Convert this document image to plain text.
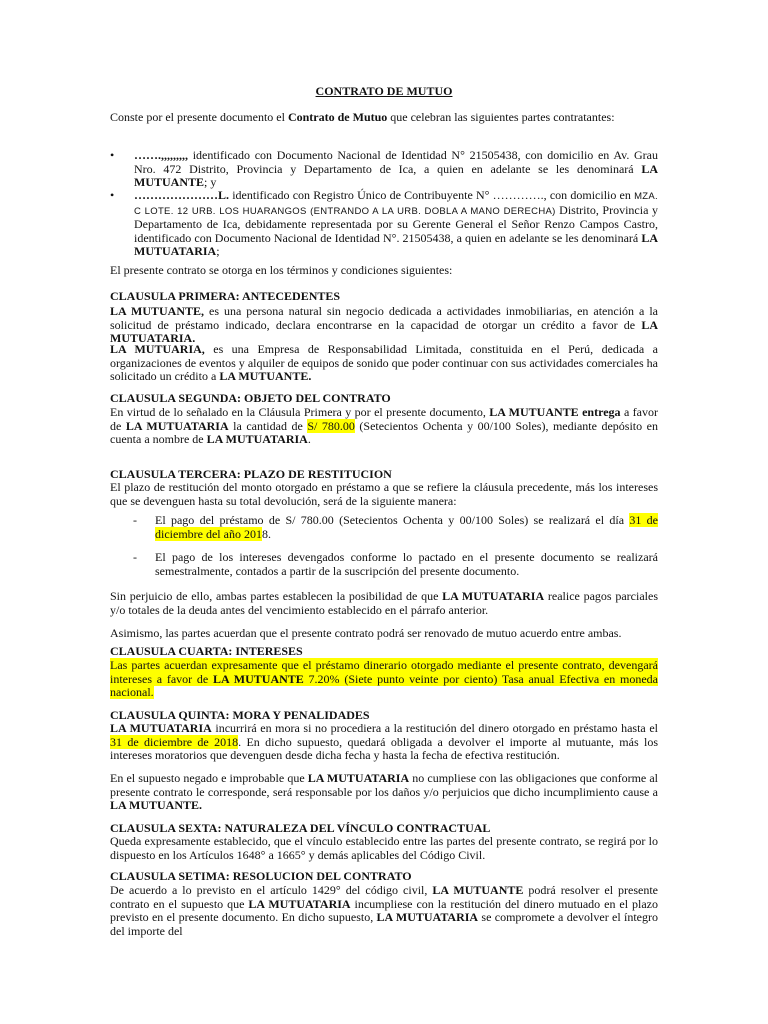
CONTRATO DE MUTUO

Conste por el presente documento el Contrato de Mutuo que celebran las siguientes partes contratantes:

• …….,,,,,,,,, identificado con Documento Nacional de Identidad N° 21505438, con domicilio en Av. Grau Nro. 472 Distrito, Provincia y Departamento de Ica, a quien en adelante se les denominará LA MUTUANTE; y

• …………………L. identificado con Registro Único de Contribuyente N° …………., con domicilio en MZA. C LOTE. 12 URB. LOS HUARANGOS (ENTRANDO A LA URB. DOBLA A MANO DERECHA) Distrito, Provincia y Departamento de Ica, debidamente representada por su Gerente General el Señor Renzo Campos Castro, identificado con Documento Nacional de Identidad N°. 21505438, a quien en adelante se les denominará LA MUTUATARIA;

El presente contrato se otorga en los términos y condiciones siguientes:

CLAUSULA PRIMERA: ANTECEDENTES

LA MUTUANTE, es una persona natural sin negocio dedicada a actividades inmobiliarias, en atención a la solicitud de préstamo indicado, declara encontrarse en la capacidad de otorgar un crédito a favor de LA MUTUATARIA.

LA MUTUARIA, es una Empresa de Responsabilidad Limitada, constituida en el Perú, dedicada a organizaciones de eventos y alquiler de equipos de sonido que poder continuar con sus actividades comerciales ha solicitado un crédito a LA MUTUANTE.

CLAUSULA SEGUNDA: OBJETO DEL CONTRATO

En virtud de lo señalado en la Cláusula Primera y por el presente documento, LA MUTUANTE entrega a favor de LA MUTUATARIA la cantidad de S/ 780.00 (Setecientos Ochenta y 00/100 Soles), mediante depósito en cuenta a nombre de LA MUTUATARIA.

CLAUSULA TERCERA: PLAZO DE RESTITUCION

El plazo de restitución del monto otorgado en préstamo a que se refiere la cláusula precedente, más los intereses que se devenguen hasta su total devolución, será de la siguiente manera:

- El pago del préstamo de S/ 780.00 (Setecientos Ochenta y 00/100 Soles) se realizará el día 31 de diciembre del año 2018.

- El pago de los intereses devengados conforme lo pactado en el presente documento se realizará semestralmente, contados a partir de la suscripción del presente documento.

Sin perjuicio de ello, ambas partes establecen la posibilidad de que LA MUTUATARIA realice pagos parciales y/o totales de la deuda antes del vencimiento establecido en el párrafo anterior.

Asimismo, las partes acuerdan que el presente contrato podrá ser renovado de mutuo acuerdo entre ambas.

CLAUSULA CUARTA: INTERESES

Las partes acuerdan expresamente que el préstamo dinerario otorgado mediante el presente contrato, devengará intereses a favor de LA MUTUANTE 7.20% (Siete punto veinte por ciento) Tasa anual Efectiva en moneda nacional.

CLAUSULA QUINTA: MORA Y PENALIDADES

LA MUTUATARIA incurrirá en mora si no procediera a la restitución del dinero otorgado en préstamo hasta el 31 de diciembre de 2018. En dicho supuesto, quedará obligada a devolver el importe al mutuante, más los intereses moratorios que devenguen desde dicha fecha y hasta la fecha de efectiva restitución.

En el supuesto negado e improbable que LA MUTUATARIA no cumpliese con las obligaciones que conforme al presente contrato le corresponde, será responsable por los daños y/o perjuicios que dicho incumplimiento cause a LA MUTUANTE.

CLAUSULA SEXTA: NATURALEZA DEL VÍNCULO CONTRACTUAL

Queda expresamente establecido, que el vínculo establecido entre las partes del presente contrato, se regirá por lo dispuesto en los Artículos 1648° a 1665° y demás aplicables del Código Civil.

CLAUSULA SETIMA: RESOLUCION DEL CONTRATO

De acuerdo a lo previsto en el artículo 1429° del código civil, LA MUTUANTE podrá resolver el presente contrato en el supuesto que LA MUTUATARIA incumpliese con la restitución del dinero mutuado en el plazo previsto en el presente documento. En dicho supuesto, LA MUTUATARIA se compromete a devolver el íntegro del importe del
